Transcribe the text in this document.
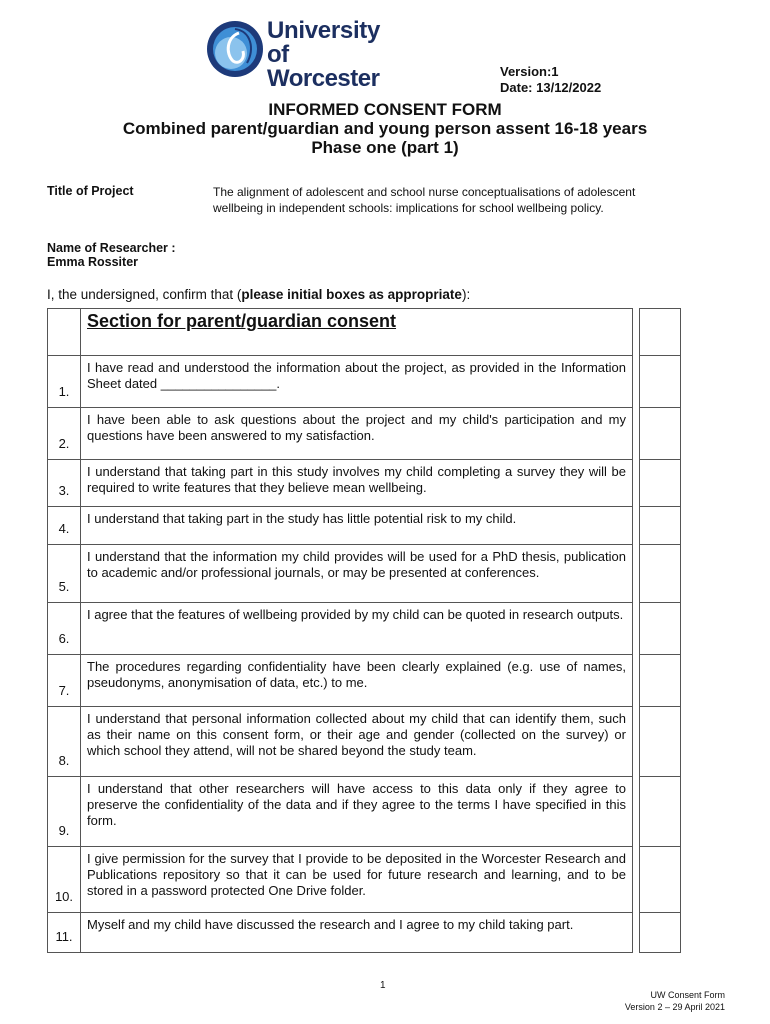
University
of Worcester	Version:1
Date: 13/12/2022
INFORMED CONSENT FORM
Combined parent/guardian and young person assent 16-18 years
Phase one (part 1)
Title of Project	The alignment of adolescent and school nurse conceptualisations of adolescent wellbeing in independent schools: implications for school wellbeing policy.
Name of Researcher :
Emma Rossiter
I, the undersigned, confirm that (please initial boxes as appropriate):
	Section for parent/guardian consent		

1.	I have read and understood the information about the project, as provided in the Information Sheet dated ________________.		

2.	I have been able to ask questions about the project and my child's participation and my questions have been answered to my satisfaction.		

3.	I understand that taking part in this study involves my child completing a survey they will be required to write features that they believe mean wellbeing.		

4.	I understand that taking part in the study has little potential risk to my child.		

5.	I understand that the information my child provides will be used for a PhD thesis, publication to academic and/or professional journals, or may be presented at conferences.		

6.	I agree that the features of wellbeing provided by my child can be quoted in research outputs.		

7.	The procedures regarding confidentiality have been clearly explained (e.g. use of names, pseudonyms, anonymisation of data, etc.) to me.		

8.	I understand that personal information collected about my child that can identify them, such as their name on this consent form, or their age and gender (collected on the survey) or which school they attend, will not be shared beyond the study team.		

9.	I understand that other researchers will have access to this data only if they agree to preserve the confidentiality of the data and if they agree to the terms I have specified in this form.		

10.	I give permission for the survey that I provide to be deposited in the Worcester Research and Publications repository so that it can be used for future research and learning, and to be stored in a password protected One Drive folder.		

11.	Myself and my child have discussed the research and I agree to my child taking part.		
1
UW Consent Form
Version 2 – 29 April 2021
